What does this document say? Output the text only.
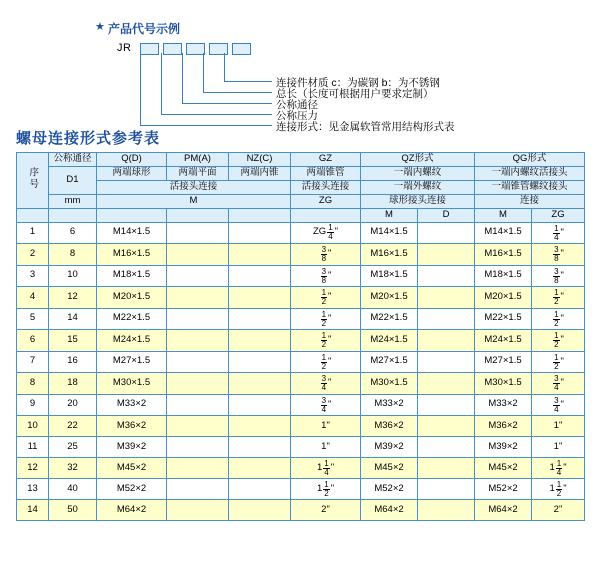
★ 产品代号示例
JR
连接件材质 c：为碳钢 b：为不锈钢
总长（长度可根据用户要求定制）
公称通径
公称压力
连接形式：见金属软管常用结构形式表
螺母连接形式参考表
序号	公称通径	Q(D)	PM(A)	NZ(C)	GZ	QZ形式		QG形式	
	D1	两端球形	两端平面	两端内锥	两端锥管	一端内螺纹		一端内螺纹活接头	
		活接头连接			活接头连接	一端外螺纹		一端锥管螺纹接头	
	mm	M			ZG	球形接头连接		连接	
						M	D	M	ZG
1	6	M14×1.5			ZG $\frac{1}{4}$ "	M14×1.5		M14×1.5	$\frac{1}{4}$ "

2	8	M16×1.5			$\frac{3}{8}$ "	M16×1.5		M16×1.5	$\frac{3}{8}$ "

3	10	M18×1.5			$\frac{3}{8}$ "	M18×1.5		M18×1.5	$\frac{3}{8}$ "

4	12	M20×1.5			$\frac{1}{2}$ "	M20×1.5		M20×1.5	$\frac{1}{2}$ "

5	14	M22×1.5			$\frac{1}{2}$ "	M22×1.5		M22×1.5	$\frac{1}{2}$ "

6	15	M24×1.5			$\frac{1}{2}$ "	M24×1.5		M24×1.5	$\frac{1}{2}$ "

7	16	M27×1.5			$\frac{1}{2}$ "	M27×1.5		M27×1.5	$\frac{1}{2}$ "

8	18	M30×1.5			$\frac{3}{4}$ "	M30×1.5		M30×1.5	$\frac{3}{4}$ "

9	20	M33×2			$\frac{3}{4}$ "	M33×2		M33×2	$\frac{3}{4}$ "

10	22	M36×2			1 "	M36×2		M36×2	1 "

11	25	M39×2			1 "	M39×2		M39×2	1 "

12	32	M45×2			$1 \frac{1}{4}$ "	M45×2		M45×2	$1 \frac{1}{4}$ "

13	40	M52×2			$1 \frac{1}{2}$ "	M52×2		M52×2	$1 \frac{1}{2}$ "

14	50	M64×2			2 "	M64×2		M64×2	2 "
